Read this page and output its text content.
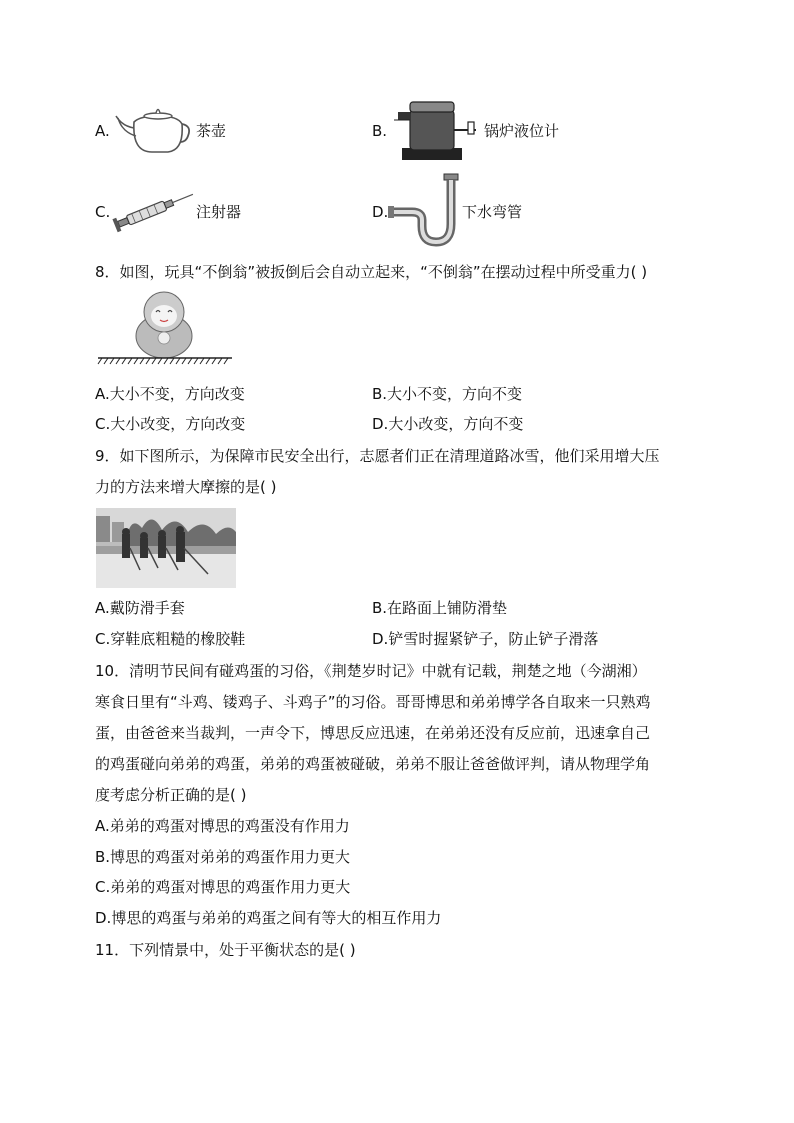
A.	茶壶	B.	锅炉液位计
C.	注射器	D.	下水弯管
8．如图，玩具“不倒翁”被扳倒后会自动立起来，“不倒翁”在摆动过程中所受重力( )
A.大小不变，方向改变	B.大小不变，方向不变
C.大小改变，方向改变	D.大小改变，方向不变
9．如下图所示，为保障市民安全出行，志愿者们正在清理道路冰雪，他们采用增大压
力的方法来增大摩擦的是( )
A.戴防滑手套	B.在路面上铺防滑垫
C.穿鞋底粗糙的橡胶鞋	D.铲雪时握紧铲子，防止铲子滑落
10．清明节民间有碰鸡蛋的习俗，《荆楚岁时记》中就有记载，荆楚之地（今湖湘）
寒食日里有“斗鸡、镂鸡子、斗鸡子”的习俗。哥哥博思和弟弟博学各自取来一只熟鸡
蛋，由爸爸来当裁判，一声令下，博思反应迅速，在弟弟还没有反应前，迅速拿自己
的鸡蛋碰向弟弟的鸡蛋，弟弟的鸡蛋被碰破，弟弟不服让爸爸做评判，请从物理学角
度考虑分析正确的是( )
A.弟弟的鸡蛋对博思的鸡蛋没有作用力
B.博思的鸡蛋对弟弟的鸡蛋作用力更大
C.弟弟的鸡蛋对博思的鸡蛋作用力更大
D.博思的鸡蛋与弟弟的鸡蛋之间有等大的相互作用力
11．下列情景中，处于平衡状态的是( )
